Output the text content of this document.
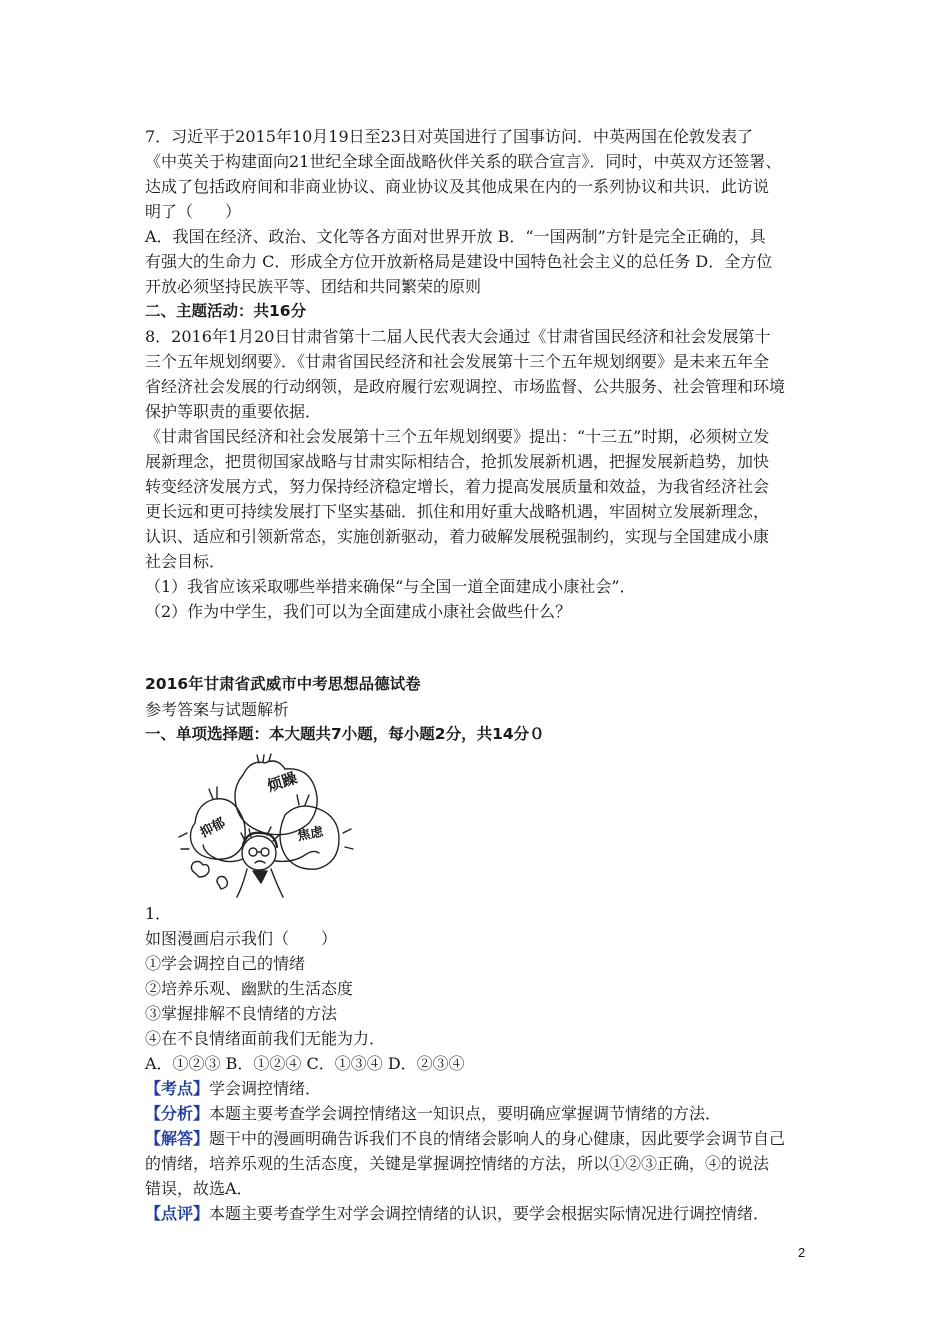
7．习近平于2015年10月19日至23日对英国进行了国事访问．中英两国在伦敦发表了
《中英关于构建面向21世纪全球全面战略伙伴关系的联合宣言》．同时，中英双方还签署、
达成了包括政府间和非商业协议、商业协议及其他成果在内的一系列协议和共识．此访说
明了（　　）
A．我国在经济、政治、文化等各方面对世界开放 B．“一国两制”方针是完全正确的，具
有强大的生命力 C．形成全方位开放新格局是建设中国特色社会主义的总任务 D．全方位
开放必须坚持民族平等、团结和共同繁荣的原则
二、主题活动：共16分
8．2016年1月20日甘肃省第十二届人民代表大会通过《甘肃省国民经济和社会发展第十
三个五年规划纲要》．《甘肃省国民经济和社会发展第十三个五年规划纲要》是未来五年全
省经济社会发展的行动纲领，是政府履行宏观调控、市场监督、公共服务、社会管理和环境
保护等职责的重要依据．
《甘肃省国民经济和社会发展第十三个五年规划纲要》提出：“十三五”时期，必须树立发
展新理念，把贯彻国家战略与甘肃实际相结合，抢抓发展新机遇，把握发展新趋势，加快
转变经济发展方式，努力保持经济稳定增长，着力提高发展质量和效益，为我省经济社会
更长远和更可持续发展打下坚实基础．抓住和用好重大战略机遇，牢固树立发展新理念，
认识、适应和引领新常态，实施创新驱动，着力破解发展税强制约，实现与全国建成小康
社会目标．
（1）我省应该采取哪些举措来确保“与全国一道全面建成小康社会”．
（2）作为中学生，我们可以为全面建成小康社会做些什么？
2016年甘肃省武威市中考思想品德试卷
参考答案与试题解析
一、单项选择题：本大题共7小题，每小题2分，共14分０
烦躁
焦虑
抑郁
1．
如图漫画启示我们（　　）
①学会调控自己的情绪
②培养乐观、幽默的生活态度
③掌握排解不良情绪的方法
④在不良情绪面前我们无能为力．
A．①②③ B．①②④ C．①③④ D．②③④
【考点】学会调控情绪．
【分析】本题主要考查学会调控情绪这一知识点，要明确应掌握调节情绪的方法．
【解答】题干中的漫画明确告诉我们不良的情绪会影响人的身心健康，因此要学会调节自己
的情绪，培养乐观的生活态度，关键是掌握调控情绪的方法，所以①②③正确，④的说法
错误，故选A．
【点评】本题主要考查学生对学会调控情绪的认识，要学会根据实际情况进行调控情绪．
2
